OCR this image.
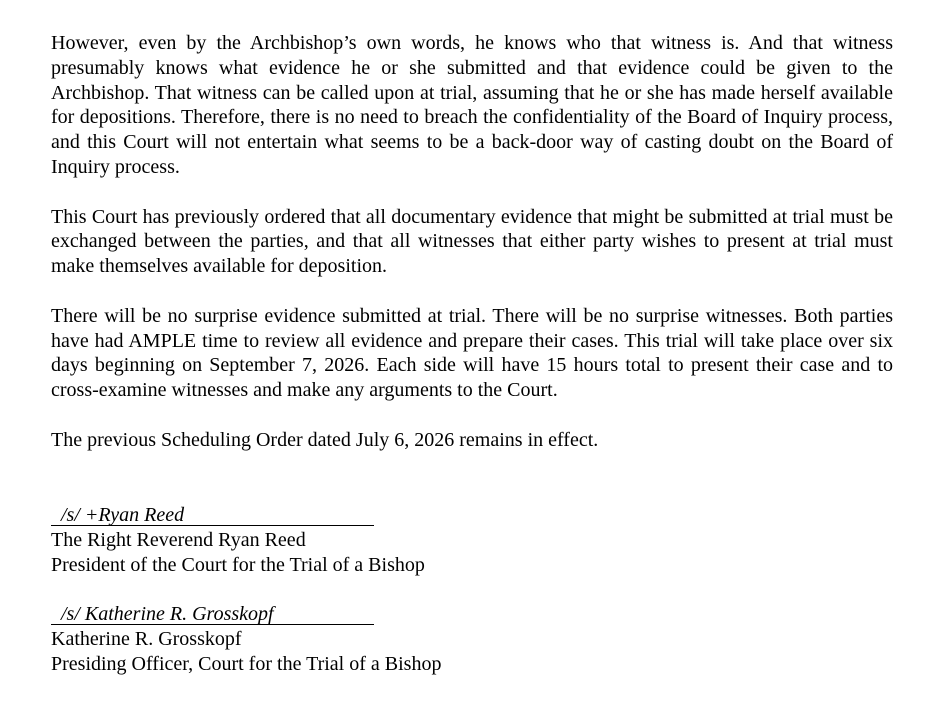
However, even by the Archbishop’s own words, he knows who that witness is. And that witness presumably knows what evidence he or she submitted and that evidence could be given to the Archbishop. That witness can be called upon at trial, assuming that he or she has made herself available for depositions. Therefore, there is no need to breach the confidentiality of the Board of Inquiry process, and this Court will not entertain what seems to be a back-door way of casting doubt on the Board of Inquiry process.

This Court has previously ordered that all documentary evidence that might be submitted at trial must be exchanged between the parties, and that all witnesses that either party wishes to present at trial must make themselves available for deposition.

There will be no surprise evidence submitted at trial. There will be no surprise witnesses. Both parties have had AMPLE time to review all evidence and prepare their cases. This trial will take place over six days beginning on September 7, 2026. Each side will have 15 hours total to present their case and to cross-examine witnesses and make any arguments to the Court.

The previous Scheduling Order dated July 6, 2026 remains in effect.

/s/ +Ryan Reed
The Right Reverend Ryan Reed
President of the Court for the Trial of a Bishop
/s/ Katherine R. Grosskopf
Katherine R. Grosskopf
Presiding Officer, Court for the Trial of a Bishop
